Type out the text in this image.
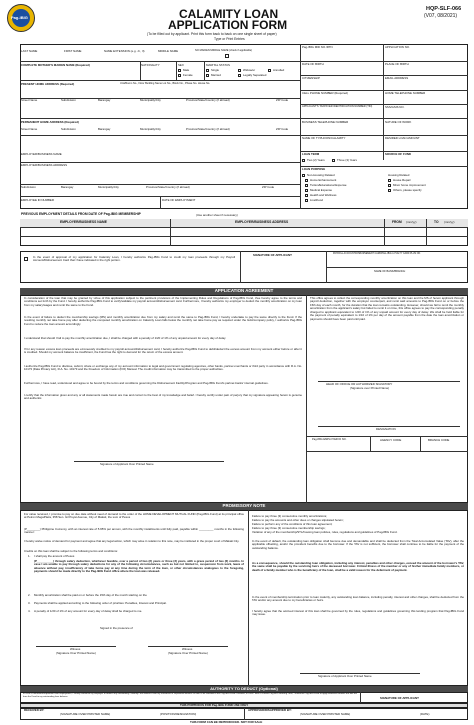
Pag-IBIG	CALAMITY LOAN
APPLICATION FORM
(To be filled out by applicant. Print this form back to back on one single sheet of paper)
Type or Print Entries
HQP-SLF-066
(V07, 08/2021)
LAST NAME	FIRST NAME	NAME EXTENSION (e.g. Jr., II)	MIDDLE NAME	NO MAIDEN MIDDLE NAME (check if applicable)
Pag-IBIG MID NO./RTN	APPLICATION NO.
DATE OF BIRTH	PLACE OF BIRTH
COMPLETE MOTHER'S MAIDEN NAME (Required)	NATIONALITY	SEX
Male
Female
MARITAL STATUS
Single
Married
Widow/er
Legally Separated
Annulled
CITIZENSHIP	EMAIL ADDRESS
PRESENT HOME ADDRESS (Required)	Unit/Room No., Floor Building Name Lot No., Block No., Phase No. House No.
Street Name	Subdivision	Barangay	Municipality/City	Province/State/Country (if abroad)	ZIP Code
Street Name	Subdivision	Barangay	Municipality/City	Province/State/Country (if abroad)	ZIP Code
CELL PHONE NUMBER (Required)	HOME TELEPHONE NUMBER
APPLICANT'S TAXPAYER IDENTIFICATION NUMBER (TIN)	SSS/GSIS NO.
PERMANENT HOME ADDRESS (Required)	BUSINESS TELEPHONE NUMBER	NATURE OF WORK
NAME OF TYPHOON/CALAMITY	DESIRED LOAN AMOUNT
EMPLOYER/BUSINESS NAME
EMPLOYER/BUSINESS ADDRESS
Subdivision	Barangay	Municipality/City	Province/State/Country (if abroad)	ZIP Code
EMPLOYEE ID NUMBER	DATE OF EMPLOYMENT
LOAN TERM
Two (2) Years	Three (3) Years
SOURCE OF FUND
LOAN PURPOSE
Non-Housing Related
Home Enhancement
Tuition/Educational Expense
Medical Expense
Health and Wellness
Livelihood
Housing Related
House Repair
Minor home improvement
Others, please specify
PREVIOUS EMPLOYMENT DETAILS FROM DATE OF Pag-IBIG MEMBERSHIP	(Use another sheet if necessary)
EMPLOYER/BUSINESS NAME	EMPLOYER/BUSINESS ADDRESS	FROM (mm/yy)	TO (mm/yy)
In the event of approval of my application for Calamity Loan, I hereby authorize Pag-IBIG Fund to credit my loan proceeds through my Payroll Account/Disbursement Card that I have indicated in the right portion.
SIGNATURE OF APPLICANT	PAYROLL ACCOUNT/DISBURSEMENT CARD/PAG-IBIG LOYALTY CARD PLUS NO.
NAME OF BANK/BRANCH
APPLICATION AGREEMENT
In consideration of the loan that may be granted by virtue of this application subject to the pertinent provisions of the Implementing Rules and Regulations of Pag-IBIG Fund, I/we hereby agree to the terms and conditions set forth by the Fund. I hereby authorize Pag-IBIG Fund to verify/validate my payroll account/disbursement card. Furthermore, I hereby authorize my employer to deduct the monthly amortization on my loan from my salary/wages and remit the same to the Fund.
In the event of failure to deduct the membership savings (MS) and monthly amortization due from my salary and remit the same to Pag-IBIG Fund, I hereby undertake to pay the same directly to the Fund. If the resulting monthly net take home pay after deducting the computed monthly amortization on Calamity Loan falls below the monthly net take home pay as required under the GAA/company policy, I authorize Pag-IBIG Fund to reduce the loan amount accordingly.
I understand that should I fail to pay the monthly amortization due, I shall be charged with a penalty of 1/20 of 1% of any unpaid amount for every day of delay.
If for any reason excess loan proceeds are erroneously credited to my payroll account/disbursement card, I hereby authorize Pag-IBIG Fund to debit/deduct the excess amount from my account either before or after it is credited. Should my account balance be insufficient, the Fund has the right to demand for the return of the excess amount.
I authorize Pag-IBIG Fund to disclose, submit, share or exchange any of my account information to legal and government regulating agencies, other banks, partner-merchants or third party in accordance with R.A. No. 10173 (Data Privacy Act), R.A. No. 10173 and the Freedom of Information (FOI) Manual. The credit information may be transmitted to the proper authorities.
Furthermore, I have read, understood and agree to be bound by the terms and conditions governing the Disbursement Facility/Program and Pag-IBIG Fund's partner-banks' internal guidelines.
I certify that the information given and any or all statements made herein are true and correct to the best of my knowledge and belief. I hereby certify under pain of perjury that my signature appearing herein is genuine and authentic.
Signature of Applicant Over Printed Name
This office agrees to collect the corresponding monthly amortization on this loan and the MS of herein applicant through payroll deduction, together with the employer counterpart, and remit said amounts to Pag-IBIG Fund on or before the 15th day of each month, for the duration that the loan remains outstanding. However, should we fail to remit the monthly amortization from the applicant's salary but failed to remit it on time, this office agrees to pay the corresponding penalty charged to applicant equivalent to 1/20 of 1% of any unpaid amount for every day of delay. We shall be held liable for the payment of penalty equivalent to 1/10 of 1% per day of the amount payable from the date the loan amortization or payments should have been paid until paid.
HEAD OF OFFICE OR AUTHORIZED SIGNATORY
(Signature over Printed Name)
DESIGNATION
Pag-IBIG EMPLOYER ID NO.	AGENCY CODE	BRANCH CODE
PROMISSORY NOTE
For value received, I promise to pay on due date without need of demand to the order of the HOME DEVELOPMENT MUTUAL FUND (Pag-IBIG Fund) at its principal office at Petron MegaPlaza, 358 Sen. Gil Puyat Avenue, City of Makati, the sum of Pesos
(P________) Philippine Currency, with an interest rate of 5.95% per annum, with the monthly installments until fully paid, payable within _________ months in the following manner:
I hereby waive notice of demand for payment and agree that any legal action, which may arise in relation to this note, may be instituted in the proper court of Makati City.
Credits on this loan shall be subject to the following terms and conditions:
1. I shall pay the amount of Pesos
(P__________) through salary deduction, whichever feasible, over a period of two (2) years or three (3) years, with a grace period of two (2) months. In case I am unable to pay through salary deductions for any of the following circumstances, such as but not limited to, suspension from work, leave of absence without pay, insufficiency of take home pay at any time during the term of the loan, or other circumstances analogous to the foregoing, payments should be made directly to the Pag-IBIG Fund office where the loan was released.
2. Monthly amortization shall be paid on or before the 15th day of the month starting on the
3. Payments shall be applied according to the following order of priorities: Penalties, Interest and Principal.
4. A penalty of 1/20 of 1% of any amount for every day of delay shall be charged to me.
Signed in the presence of
Witness
(Signature Over Printed Name)
Witness
(Signature Over Printed Name)
Failure to pay three (3) consecutive monthly amortizations;
Failure to pay the amounts and other dues or charges stipulated herein;
Failure to perform any of the conditions of this loan agreement;
Failure to pay three (3) consecutive membership savings;
Violation of any of the membership/STL/housing loan policies, rules, regulations and guidelines of Pag-IBIG Fund.
In the event of default, the outstanding loan obligation shall become due and demandable and shall be deducted from the Total Accumulated Value (TAV), after the applicable offsetting, and/or the provident benefits due to the borrower. If the TAV is not sufficient, the borrower shall continue to be liable for the payment of the outstanding balance.
As a consequence, should the outstanding loan obligation, including any interest, penalties and other charges, exceed the amount of the borrower's TAV, the same shall be payable by the surviving heirs of the deceased borrower. Critical illness of the member or any of his/her immediate family members, or death of a family member who is the beneficiary of the loan, shall be a valid reason for the deferment of payment.
In the event of membership termination prior to loan maturity, any outstanding loan balance, including penalty, interest and other charges, shall be deducted from the TAV and/or any amount due to my beneficiaries or heirs.
I hereby agree that the accrued interest of this loan shall be governed by the rules, regulations and guidelines governing this lending program that Pag-IBIG Fund may issue.
Signature of Applicant Over Printed Name
AUTHORITY TO DEDUCT (Optional)
In case of retirement/separation from employment, I hereby authorize my employer to deduct any outstanding Calamity Loan balance from my retirement or separation benefits or both to be remitted to the Pag-IBIG Fund. Likewise, in case I have a current Pag-IBIG Housing Loan, I authorize Pag-IBIG Fund to apply whatever benefits are due me from the Fund to my outstanding loan balance.	SIGNATURE OF APPLICANT
THIS PORTION IS FOR Pag-IBIG FUND USE ONLY
RECEIVED BY:
(SIGNATURE OVER PRINTED NAME)	(POSITION/DESIGNATION)
APPROVED/DISAPPROVED BY:
(SIGNATURE OVER PRINTED NAME)	(DATE)
THIS FORM CAN BE REPRODUCED. NOT FOR SALE
